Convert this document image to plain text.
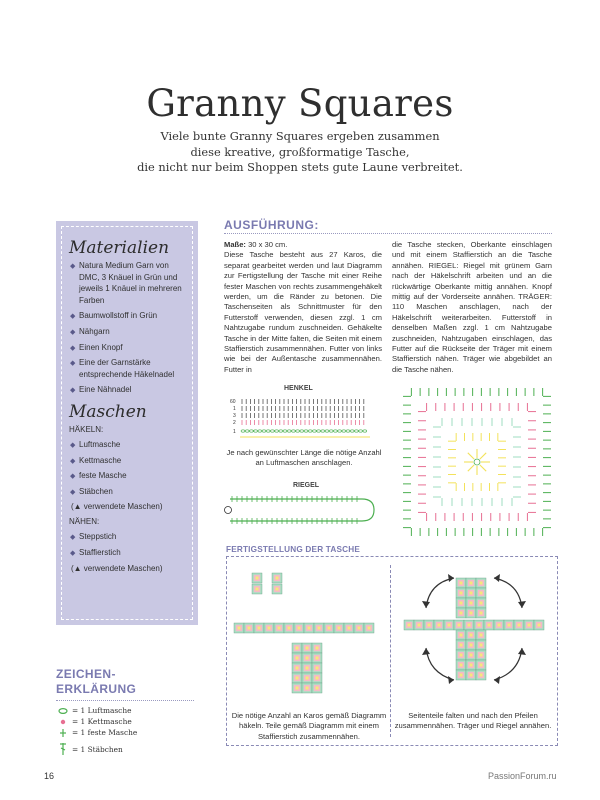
Granny Squares
Viele bunte Granny Squares ergeben zusammen
diese kreative, großformatige Tasche,
die nicht nur beim Shoppen stets gute Laune verbreitet.
Materialien
◆ Natura Medium Garn von DMC, 3 Knäuel in Grün und jeweils 1 Knäuel in mehreren Farben
◆ Baumwollstoff in Grün
◆ Nähgarn
◆ Einen Knopf
◆ Eine der Garnstärke entsprechende Häkelnadel
◆ Eine Nähnadel
Maschen
HÄKELN:
◆ Luftmasche
◆ Kettmasche
◆ feste Masche
◆ Stäbchen
(▲ verwendete Maschen)
NÄHEN:
◆ Steppstich
◆ Staffierstich
(▲ verwendete Maschen)
AUSFÜHRUNG:
Maße: 30 x 30 cm.
Diese Tasche besteht aus 27 Karos, die separat gearbeitet werden und laut Diagramm zur Fertigstellung der Tasche mit einer Reihe fester Maschen von rechts zusammengehäkelt werden, um die Ränder zu betonen. Die Taschenseiten als Schnittmuster für den Futterstoff verwenden, diesen zzgl. 1 cm Nahtzugabe rundum zuschneiden. Gehäkelte Tasche in der Mitte falten, die Seiten mit einem Staffierstich zusammennähen. Futter von links wie bei der Außentasche zusammennähen. Futter in
die Tasche stecken, Oberkante einschlagen und mit einem Staffierstich an die Tasche annähen. RIEGEL: Riegel mit grünem Garn nach der Häkelschrift arbeiten und an die rückwärtige Oberkante mittig annähen. Knopf mittig auf der Vorderseite annähen. TRÄGER: 110 Maschen anschlagen, nach der Häkelschrift weiterarbeiten. Futterstoff in denselben Maßen zzgl. 1 cm Nahtzugabe zuschneiden, Nahtzugaben einschlagen, das Futter auf die Rückseite der Träger mit einem Staffierstich nähen. Träger wie abgebildet an die Tasche nähen.
HENKEL
60
1
3
2
1
Je nach gewünschter Länge die nötige Anzahl an Luftmaschen anschlagen.
RIEGEL
FERTIGSTELLUNG DER TASCHE
Die nötige Anzahl an Karos gemäß Diagramm häkeln. Teile gemäß Diagramm mit einem Staffierstich zusammennähen.
Seitenteile falten und nach den Pfeilen zusammennähen. Träger und Riegel annähen.
ZEICHEN-
ERKLÄRUNG
= 1 Luftmasche
= 1 Kettmasche
= 1 feste Masche
= 1 Stäbchen
16	PassionForum.ru
